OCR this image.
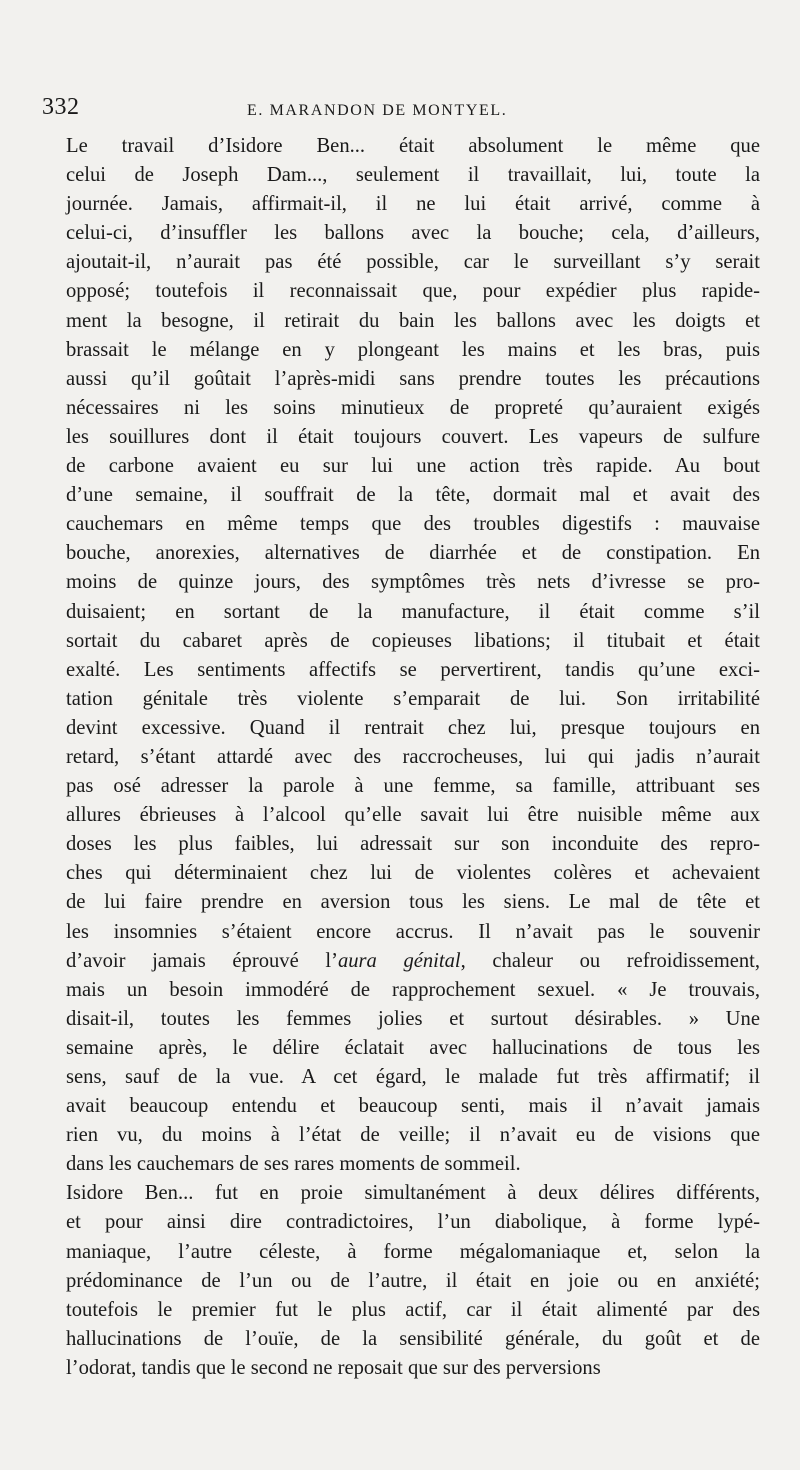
332	E. MARANDON DE MONTYEL.

Le travail d’Isidore Ben... était absolument le même que
celui de Joseph Dam..., seulement il travaillait, lui, toute la
journée. Jamais, affirmait-il, il ne lui était arrivé, comme à
celui-ci, d’insuffler les ballons avec la bouche; cela, d’ailleurs,
ajoutait-il, n’aurait pas été possible, car le surveillant s’y serait
opposé; toutefois il reconnaissait que, pour expédier plus rapide-
ment la besogne, il retirait du bain les ballons avec les doigts et
brassait le mélange en y plongeant les mains et les bras, puis
aussi qu’il goûtait l’après-midi sans prendre toutes les précautions
nécessaires ni les soins minutieux de propreté qu’auraient exigés
les souillures dont il était toujours couvert. Les vapeurs de sulfure
de carbone avaient eu sur lui une action très rapide. Au bout
d’une semaine, il souffrait de la tête, dormait mal et avait des
cauchemars en même temps que des troubles digestifs : mauvaise
bouche, anorexies, alternatives de diarrhée et de constipation. En
moins de quinze jours, des symptômes très nets d’ivresse se pro-
duisaient; en sortant de la manufacture, il était comme s’il
sortait du cabaret après de copieuses libations; il titubait et était
exalté. Les sentiments affectifs se pervertirent, tandis qu’une exci-
tation génitale très violente s’emparait de lui. Son irritabilité
devint excessive. Quand il rentrait chez lui, presque toujours en
retard, s’étant attardé avec des raccrocheuses, lui qui jadis n’aurait
pas osé adresser la parole à une femme, sa famille, attribuant ses
allures ébrieuses à l’alcool qu’elle savait lui être nuisible même aux
doses les plus faibles, lui adressait sur son inconduite des repro-
ches qui déterminaient chez lui de violentes colères et achevaient
de lui faire prendre en aversion tous les siens. Le mal de tête et
les insomnies s’étaient encore accrus. Il n’avait pas le souvenir
d’avoir jamais éprouvé l’aura génital, chaleur ou refroidissement,
mais un besoin immodéré de rapprochement sexuel. « Je trouvais,
disait-il, toutes les femmes jolies et surtout désirables. » Une
semaine après, le délire éclatait avec hallucinations de tous les
sens, sauf de la vue. A cet égard, le malade fut très affirmatif; il
avait beaucoup entendu et beaucoup senti, mais il n’avait jamais
rien vu, du moins à l’état de veille; il n’avait eu de visions que
dans les cauchemars de ses rares moments de sommeil.

Isidore Ben... fut en proie simultanément à deux délires différents,
et pour ainsi dire contradictoires, l’un diabolique, à forme lypé-
maniaque, l’autre céleste, à forme mégalomaniaque et, selon la
prédominance de l’un ou de l’autre, il était en joie ou en anxiété;
toutefois le premier fut le plus actif, car il était alimenté par des
hallucinations de l’ouïe, de la sensibilité générale, du goût et de
l’odorat, tandis que le second ne reposait que sur des perversions
